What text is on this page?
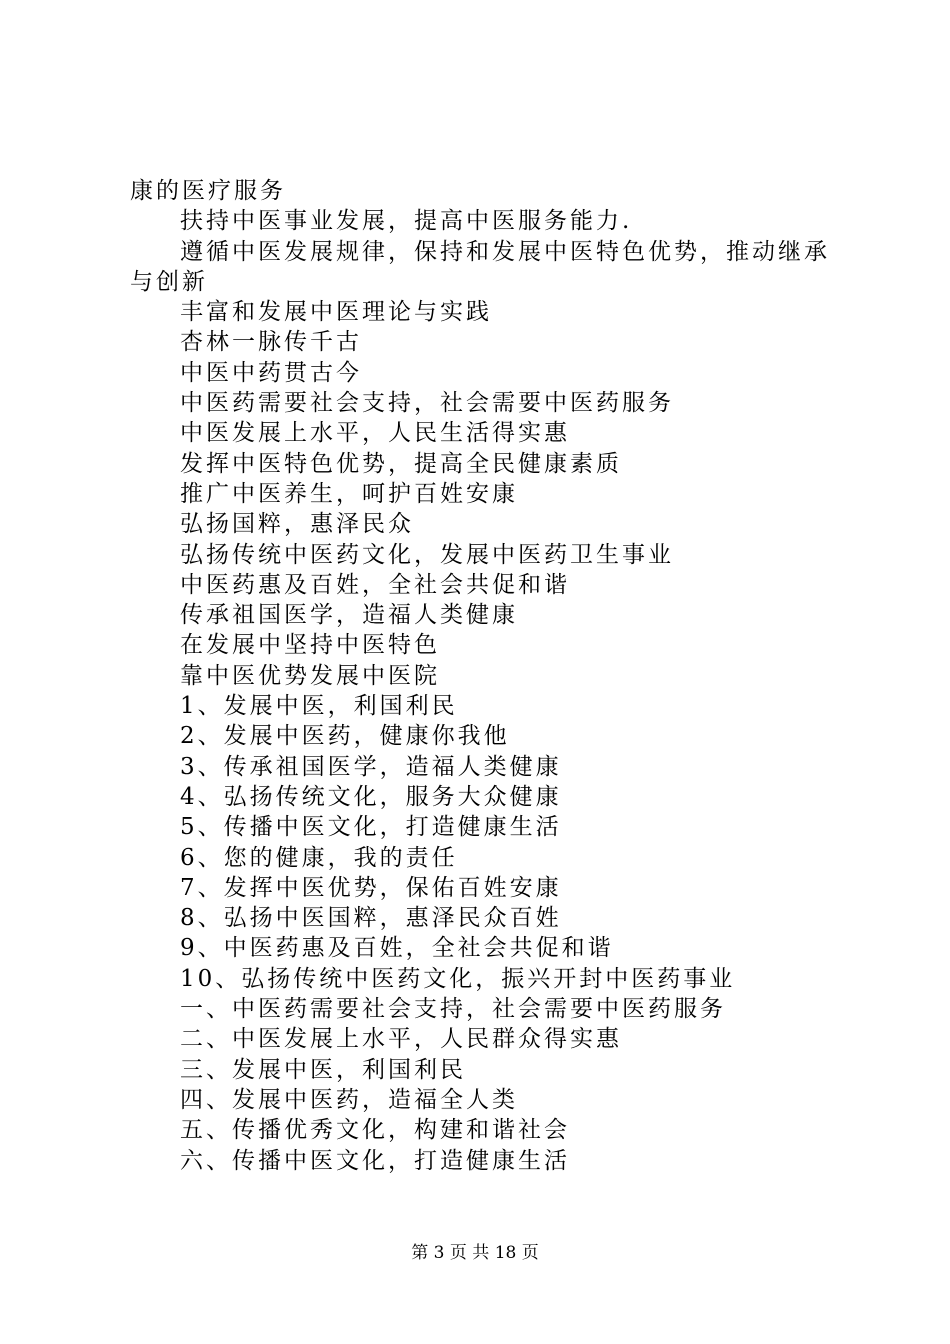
康的医疗服务
扶持中医事业发展，提高中医服务能力.
遵循中医发展规律，保持和发展中医特色优势，推动继承
与创新
丰富和发展中医理论与实践
杏林一脉传千古
中医中药贯古今
中医药需要社会支持，社会需要中医药服务
中医发展上水平，人民生活得实惠
发挥中医特色优势，提高全民健康素质
推广中医养生，呵护百姓安康
弘扬国粹，惠泽民众
弘扬传统中医药文化，发展中医药卫生事业
中医药惠及百姓，全社会共促和谐
传承祖国医学，造福人类健康
在发展中坚持中医特色
靠中医优势发展中医院
1、发展中医，利国利民
2、发展中医药，健康你我他
3、传承祖国医学，造福人类健康
4、弘扬传统文化，服务大众健康
5、传播中医文化，打造健康生活
6、您的健康，我的责任
7、发挥中医优势，保佑百姓安康
8、弘扬中医国粹，惠泽民众百姓
9、中医药惠及百姓，全社会共促和谐
10、弘扬传统中医药文化，振兴开封中医药事业
一、中医药需要社会支持，社会需要中医药服务
二、中医发展上水平，人民群众得实惠
三、发展中医，利国利民
四、发展中医药，造福全人类
五、传播优秀文化，构建和谐社会
六、传播中医文化，打造健康生活
第 3 页 共 18 页
